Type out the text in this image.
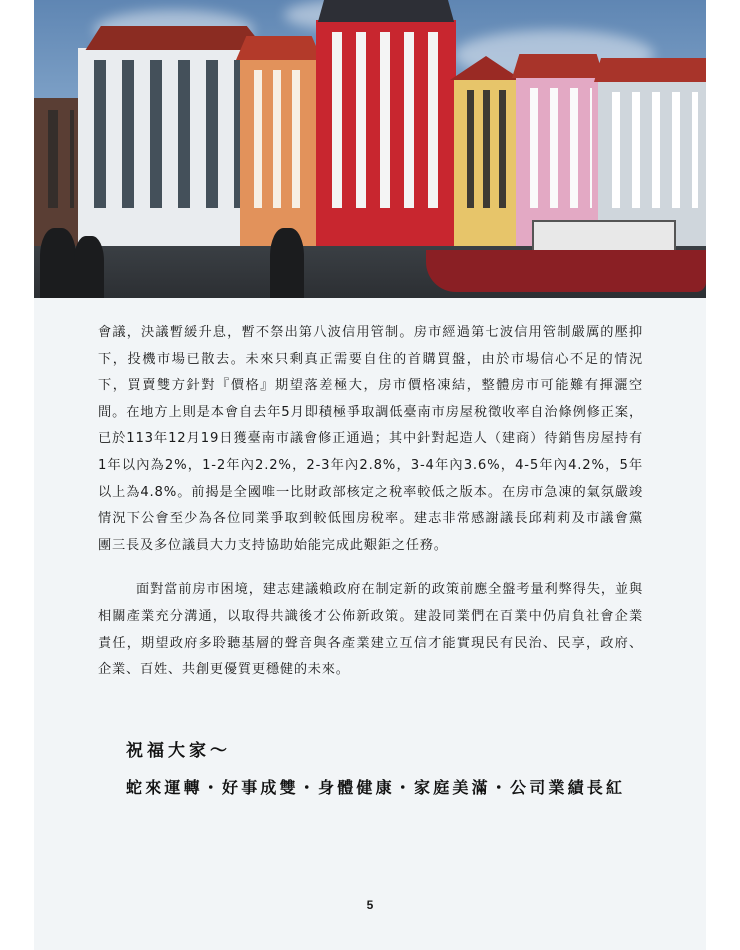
會議，決議暫緩升息，暫不祭出第八波信用管制。房市經過第七波信用管制嚴厲的壓抑下，投機市場已散去。未來只剩真正需要自住的首購買盤，由於市場信心不足的情況下，買賣雙方針對『價格』期望落差極大，房市價格凍結，整體房市可能難有揮灑空間。在地方上則是本會自去年5月即積極爭取調低臺南市房屋稅徵收率自治條例修正案，已於113年12月19日獲臺南市議會修正通過；其中針對起造人（建商）待銷售房屋持有1年以內為2%，1-2年內2.2%，2-3年內2.8%，3-4年內3.6%，4-5年內4.2%，5年以上為4.8%。前揭是全國唯一比財政部核定之稅率較低之版本。在房市急凍的氣氛嚴竣情況下公會至少為各位同業爭取到較低囤房稅率。建志非常感謝議長邱莉莉及市議會黨團三長及多位議員大力支持協助始能完成此艱鉅之任務。

面對當前房市困境，建志建議賴政府在制定新的政策前應全盤考量利弊得失，並與相關產業充分溝通，以取得共識後才公佈新政策。建設同業們在百業中仍肩負社會企業責任，期望政府多聆聽基層的聲音與各產業建立互信才能實現民有民治、民享，政府、企業、百姓、共創更優質更穩健的未來。

祝福大家～
蛇來運轉・好事成雙・身體健康・家庭美滿・公司業績長紅
5
